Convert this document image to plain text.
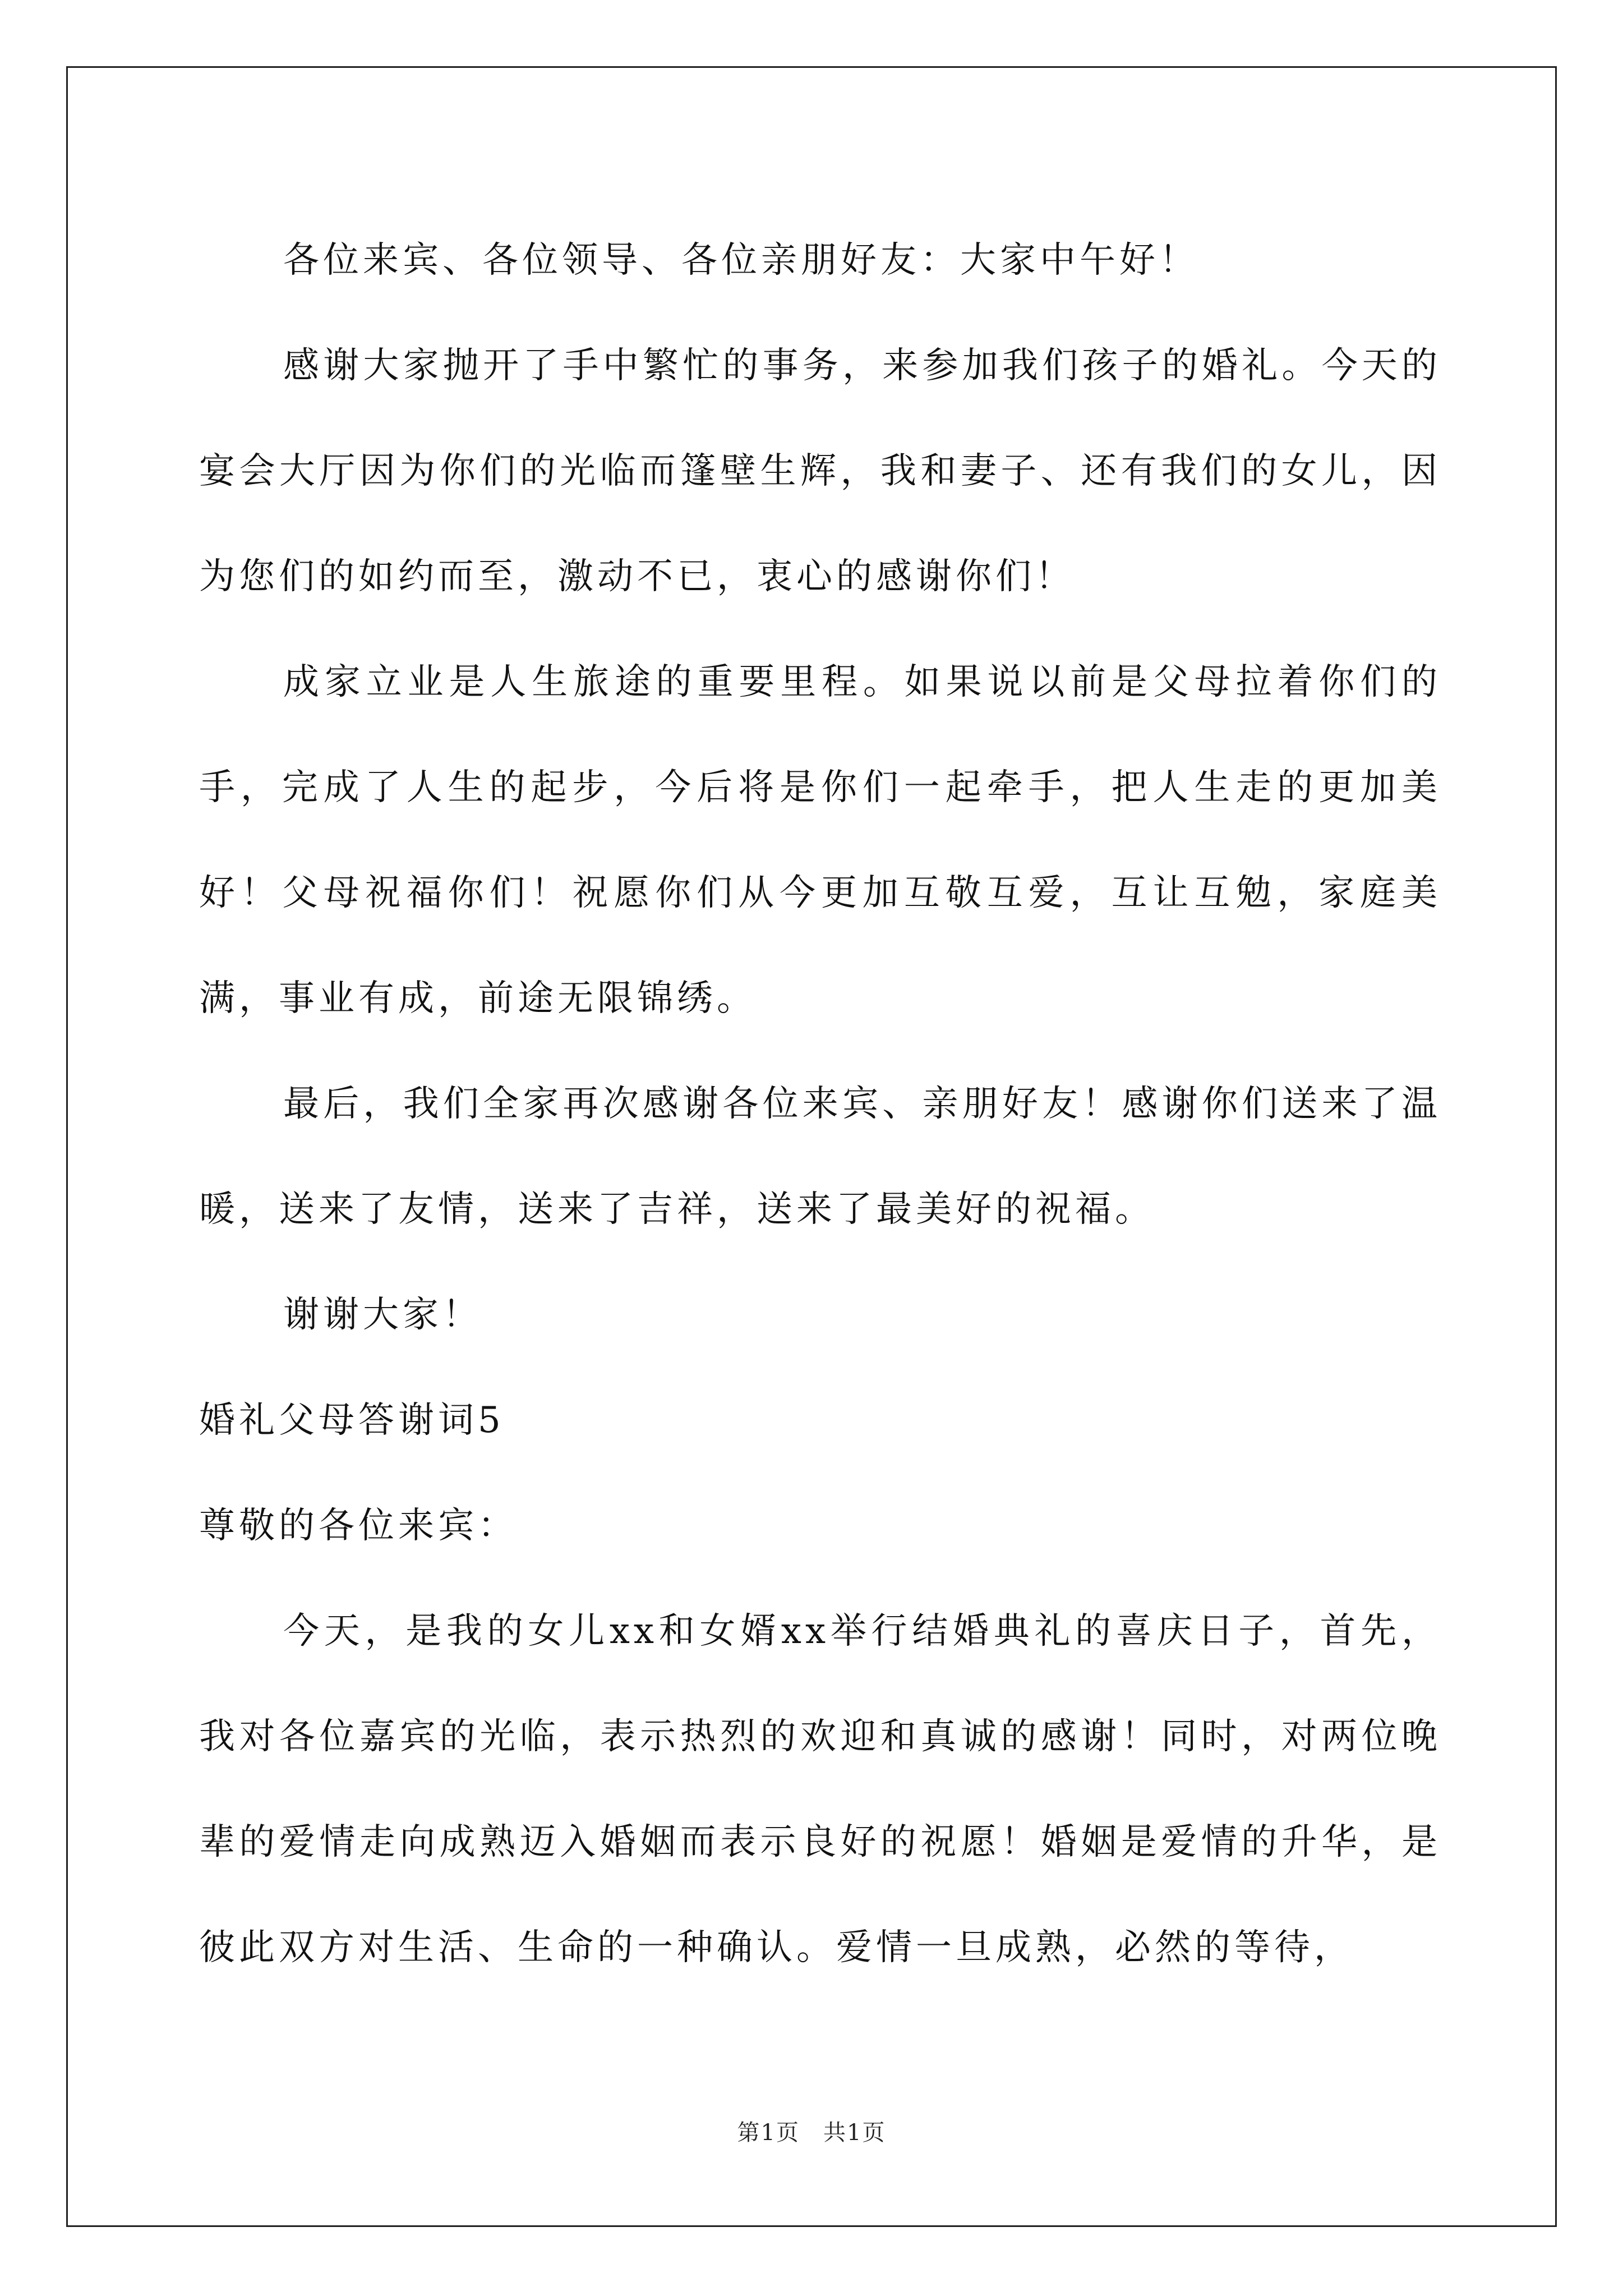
各位来宾、各位领导、各位亲朋好友：大家中午好！

感谢大家抛开了手中繁忙的事务，来参加我们孩子的婚礼。今天的宴会大厅因为你们的光临而篷壁生辉，我和妻子、还有我们的女儿，因为您们的如约而至，激动不已，衷心的感谢你们！

成家立业是人生旅途的重要里程。如果说以前是父母拉着你们的手，完成了人生的起步，今后将是你们一起牵手，把人生走的更加美好！父母祝福你们！祝愿你们从今更加互敬互爱，互让互勉，家庭美满，事业有成，前途无限锦绣。

最后，我们全家再次感谢各位来宾、亲朋好友！感谢你们送来了温暖，送来了友情，送来了吉祥，送来了最美好的祝福。

谢谢大家！

婚礼父母答谢词5

尊敬的各位来宾：

今天，是我的女儿xx和女婿xx举行结婚典礼的喜庆日子，首先，我对各位嘉宾的光临，表示热烈的欢迎和真诚的感谢！同时，对两位晚辈的爱情走向成熟迈入婚姻而表示良好的祝愿！婚姻是爱情的升华，是彼此双方对生活、生命的一种确认。爱情一旦成熟，必然的等待，

第1页　共1页
